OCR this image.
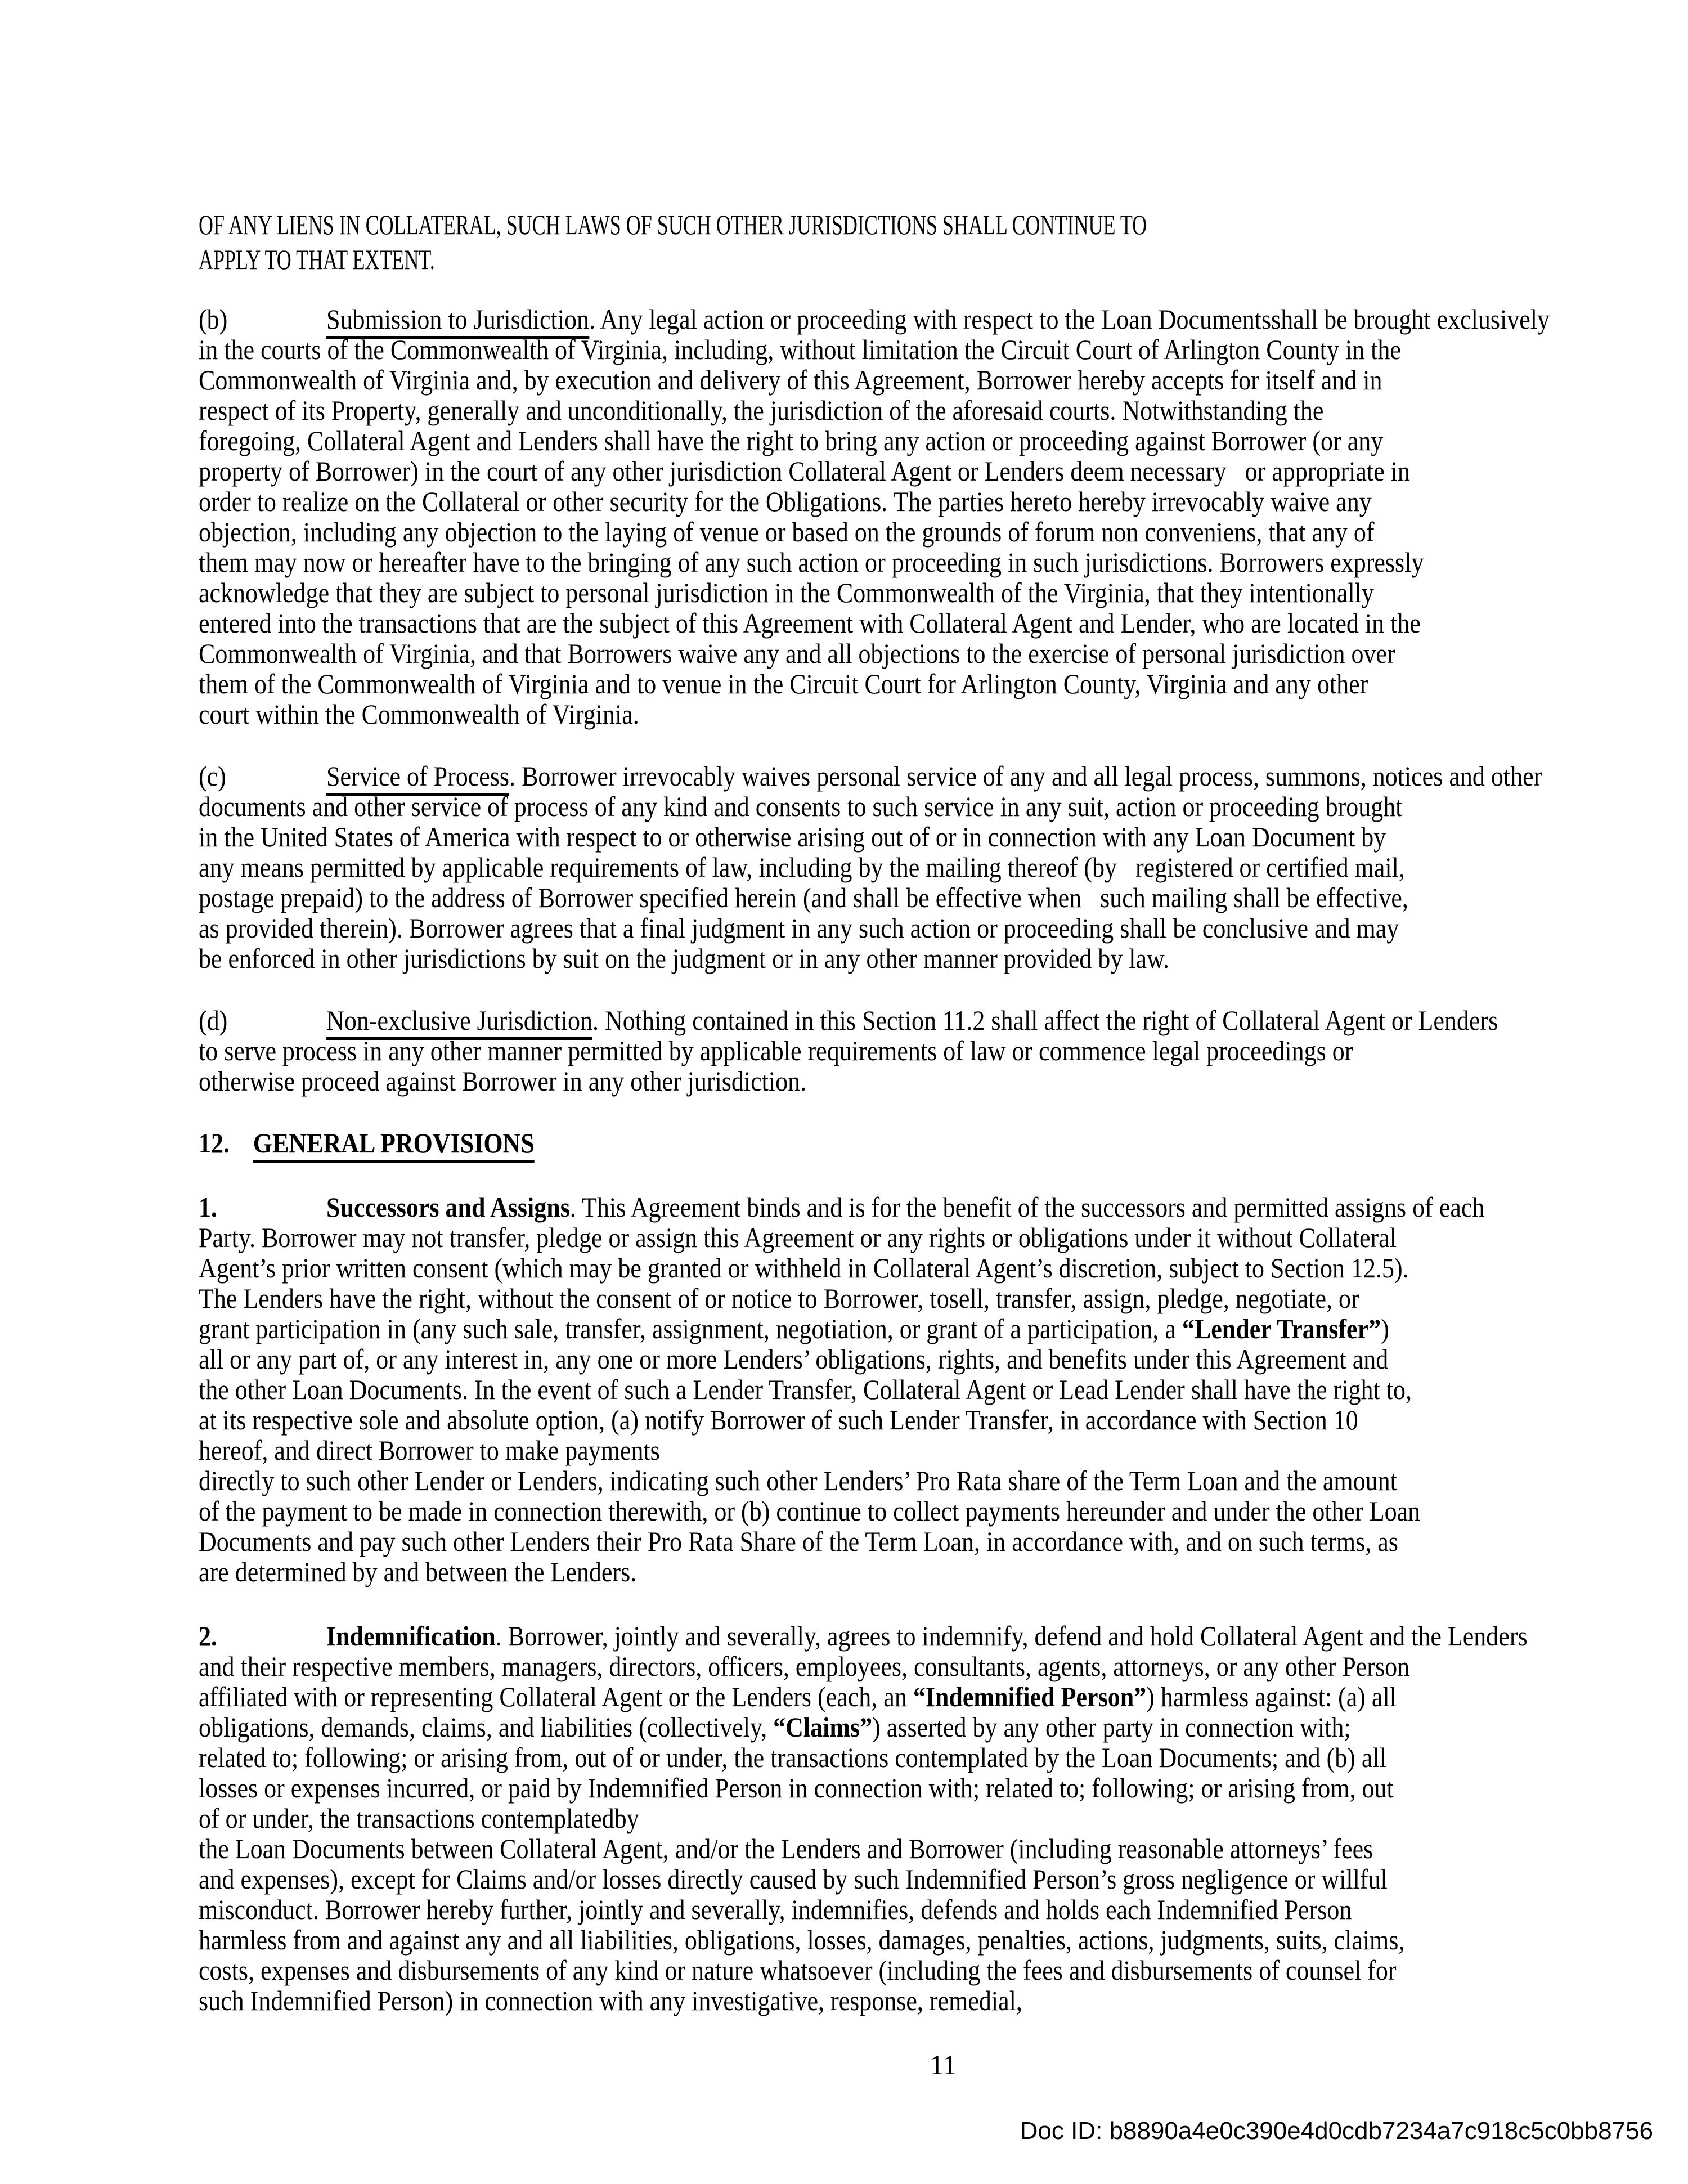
OF ANY LIENS IN COLLATERAL, SUCH LAWS OF SUCH OTHER JURISDICTIONS SHALL CONTINUE TO
APPLY TO THAT EXTENT.
(b)	Submission to Jurisdiction. Any legal action or proceeding with respect to the Loan Documentsshall be brought exclusively
in the courts of the Commonwealth of Virginia, including, without limitation the Circuit Court of Arlington County in the
Commonwealth of Virginia and, by execution and delivery of this Agreement, Borrower hereby accepts for itself and in
respect of its Property, generally and unconditionally, the jurisdiction of the aforesaid courts. Notwithstanding the
foregoing, Collateral Agent and Lenders shall have the right to bring any action or proceeding against Borrower (or any
property of Borrower) in the court of any other jurisdiction Collateral Agent or Lenders deem necessary   or appropriate in
order to realize on the Collateral or other security for the Obligations. The parties hereto hereby irrevocably waive any
objection, including any objection to the laying of venue or based on the grounds of forum non conveniens, that any of
them may now or hereafter have to the bringing of any such action or proceeding in such jurisdictions. Borrowers expressly
acknowledge that they are subject to personal jurisdiction in the Commonwealth of the Virginia, that they intentionally
entered into the transactions that are the subject of this Agreement with Collateral Agent and Lender, who are located in the
Commonwealth of Virginia, and that Borrowers waive any and all objections to the exercise of personal jurisdiction over
them of the Commonwealth of Virginia and to venue in the Circuit Court for Arlington County, Virginia and any other
court within the Commonwealth of Virginia.
(c)	Service of Process. Borrower irrevocably waives personal service of any and all legal process, summons, notices and other
documents and other service of process of any kind and consents to such service in any suit, action or proceeding brought
in the United States of America with respect to or otherwise arising out of or in connection with any Loan Document by
any means permitted by applicable requirements of law, including by the mailing thereof (by   registered or certified mail,
postage prepaid) to the address of Borrower specified herein (and shall be effective when   such mailing shall be effective,
as provided therein). Borrower agrees that a final judgment in any such action or proceeding shall be conclusive and may
be enforced in other jurisdictions by suit on the judgment or in any other manner provided by law.
(d)	Non-exclusive Jurisdiction. Nothing contained in this Section 11.2 shall affect the right of Collateral Agent or Lenders
to serve process in any other manner permitted by applicable requirements of law or commence legal proceedings or
otherwise proceed against Borrower in any other jurisdiction.
12. GENERAL PROVISIONS
1.	Successors and Assigns. This Agreement binds and is for the benefit of the successors and permitted assigns of each
Party. Borrower may not transfer, pledge or assign this Agreement or any rights or obligations under it without Collateral
Agent’s prior written consent (which may be granted or withheld in Collateral Agent’s discretion, subject to Section 12.5).
The Lenders have the right, without the consent of or notice to Borrower, tosell, transfer, assign, pledge, negotiate, or
grant participation in (any such sale, transfer, assignment, negotiation, or grant of a participation, a “Lender Transfer”)
all or any part of, or any interest in, any one or more Lenders’ obligations, rights, and benefits under this Agreement and
the other Loan Documents. In the event of such a Lender Transfer, Collateral Agent or Lead Lender shall have the right to,
at its respective sole and absolute option, (a) notify Borrower of such Lender Transfer, in accordance with Section 10
hereof, and direct Borrower to make payments
directly to such other Lender or Lenders, indicating such other Lenders’ Pro Rata share of the Term Loan and the amount
of the payment to be made in connection therewith, or (b) continue to collect payments hereunder and under the other Loan
Documents and pay such other Lenders their Pro Rata Share of the Term Loan, in accordance with, and on such terms, as
are determined by and between the Lenders.
2.	Indemnification. Borrower, jointly and severally, agrees to indemnify, defend and hold Collateral Agent and the Lenders
and their respective members, managers, directors, officers, employees, consultants, agents, attorneys, or any other Person
affiliated with or representing Collateral Agent or the Lenders (each, an “Indemnified Person”) harmless against: (a) all
obligations, demands, claims, and liabilities (collectively, “Claims”) asserted by any other party in connection with;
related to; following; or arising from, out of or under, the transactions contemplated by the Loan Documents; and (b) all
losses or expenses incurred, or paid by Indemnified Person in connection with; related to; following; or arising from, out
of or under, the transactions contemplatedby
the Loan Documents between Collateral Agent, and/or the Lenders and Borrower (including reasonable attorneys’ fees
and expenses), except for Claims and/or losses directly caused by such Indemnified Person’s gross negligence or willful
misconduct. Borrower hereby further, jointly and severally, indemnifies, defends and holds each Indemnified Person
harmless from and against any and all liabilities, obligations, losses, damages, penalties, actions, judgments, suits, claims,
costs, expenses and disbursements of any kind or nature whatsoever (including the fees and disbursements of counsel for
such Indemnified Person) in connection with any investigative, response, remedial,
11
Doc ID: b8890a4e0c390e4d0cdb7234a7c918c5c0bb8756
